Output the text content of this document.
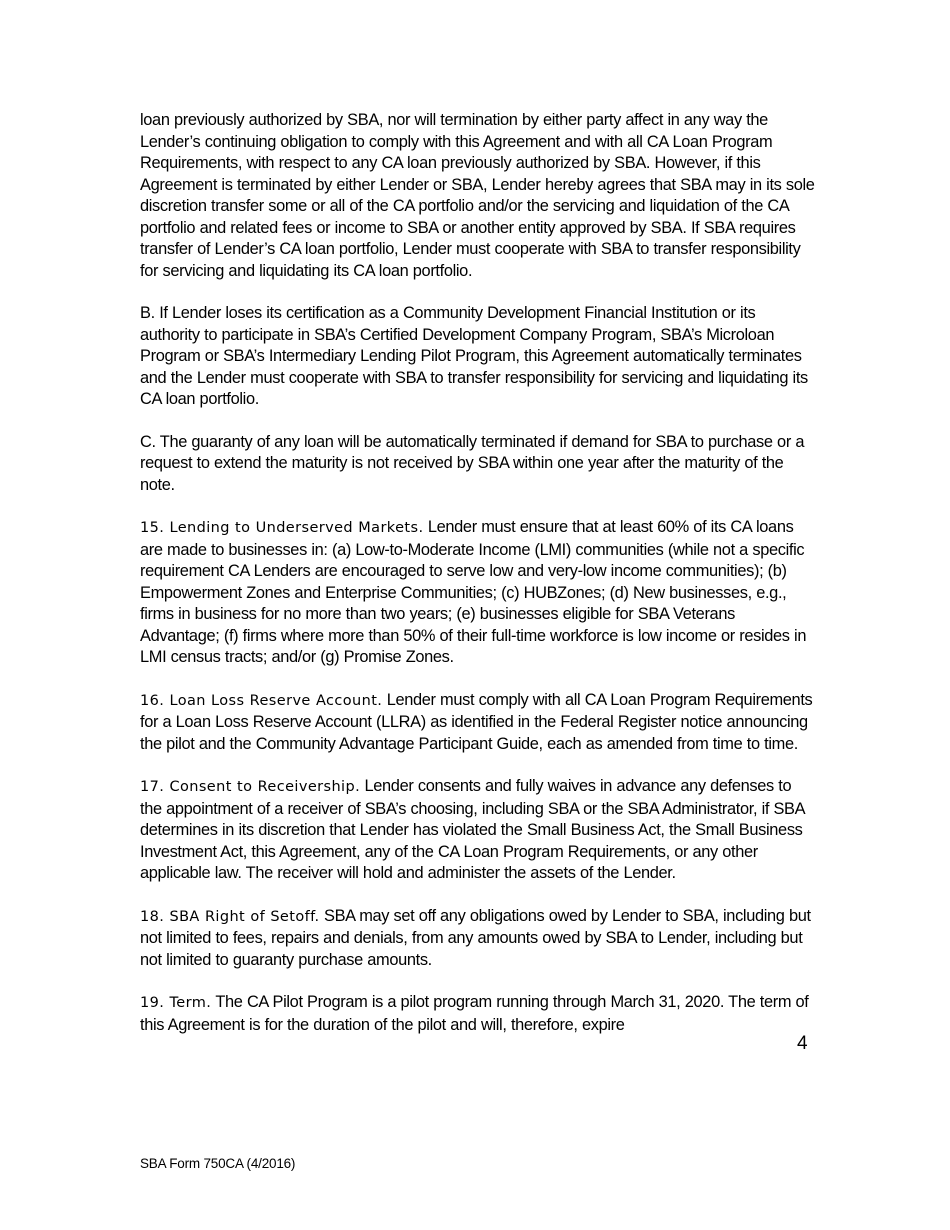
loan previously authorized by SBA, nor will termination by either party affect in any way the Lender’s continuing obligation to comply with this Agreement and with all CA Loan Program Requirements, with respect to any CA loan previously authorized by SBA. However, if this Agreement is terminated by either Lender or SBA, Lender hereby agrees that SBA may in its sole discretion transfer some or all of the CA portfolio and/or the servicing and liquidation of the CA portfolio and related fees or income to SBA or another entity approved by SBA. If SBA requires transfer of Lender’s CA loan portfolio, Lender must cooperate with SBA to transfer responsibility for servicing and liquidating its CA loan portfolio.

B. If Lender loses its certification as a Community Development Financial Institution or its authority to participate in SBA’s Certified Development Company Program, SBA’s Microloan Program or SBA’s Intermediary Lending Pilot Program, this Agreement automatically terminates and the Lender must cooperate with SBA to transfer responsibility for servicing and liquidating its CA loan portfolio.

C. The guaranty of any loan will be automatically terminated if demand for SBA to purchase or a request to extend the maturity is not received by SBA within one year after the maturity of the note.

15. Lending to Underserved Markets. Lender must ensure that at least 60% of its CA loans are made to businesses in: (a) Low-to-Moderate Income (LMI) communities (while not a specific requirement CA Lenders are encouraged to serve low and very-low income communities); (b) Empowerment Zones and Enterprise Communities; (c) HUBZones; (d) New businesses, e.g., firms in business for no more than two years; (e) businesses eligible for SBA Veterans Advantage; (f) firms where more than 50% of their full-time workforce is low income or resides in LMI census tracts; and/or (g) Promise Zones.

16. Loan Loss Reserve Account. Lender must comply with all CA Loan Program Requirements for a Loan Loss Reserve Account (LLRA) as identified in the Federal Register notice announcing the pilot and the Community Advantage Participant Guide, each as amended from time to time.

17. Consent to Receivership. Lender consents and fully waives in advance any defenses to the appointment of a receiver of SBA’s choosing, including SBA or the SBA Administrator, if SBA determines in its discretion that Lender has violated the Small Business Act, the Small Business Investment Act, this Agreement, any of the CA Loan Program Requirements, or any other applicable law. The receiver will hold and administer the assets of the Lender.

18. SBA Right of Setoff. SBA may set off any obligations owed by Lender to SBA, including but not limited to fees, repairs and denials, from any amounts owed by SBA to Lender, including but not limited to guaranty purchase amounts.

19. Term. The CA Pilot Program is a pilot program running through March 31, 2020. The term of this Agreement is for the duration of the pilot and will, therefore, expire

4
SBA Form 750CA (4/2016)
